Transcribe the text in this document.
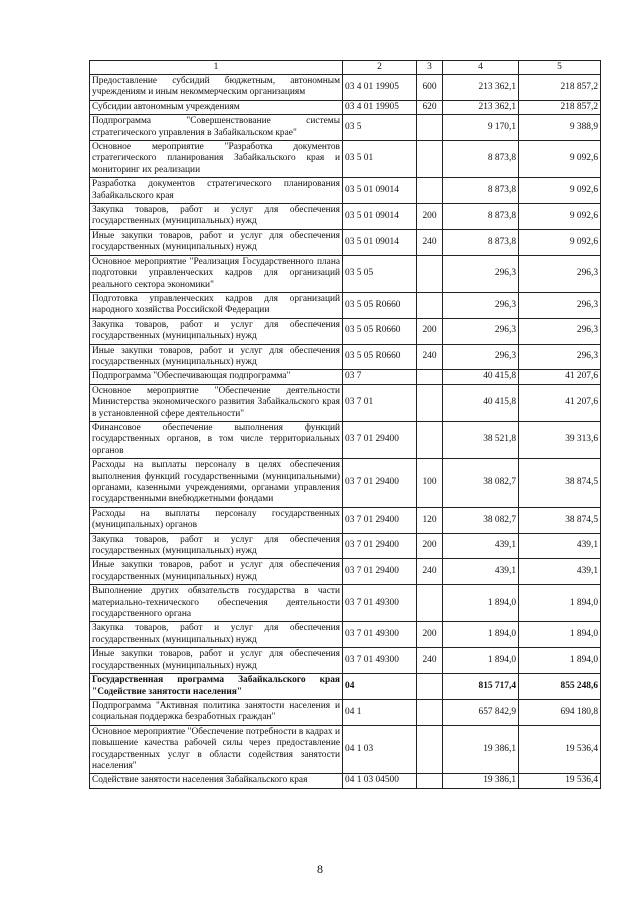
1	2	3	4	5
Предоставление субсидий бюджетным, автономным учреждениям и иным некоммерческим организациям	03 4 01 19905	600	213 362,1	218 857,2
Субсидии автономным учреждениям	03 4 01 19905	620	213 362,1	218 857,2
Подпрограмма "Совершенствование системы стратегического управления в Забайкальском крае"	03 5		9 170,1	9 388,9
Основное мероприятие "Разработка документов стратегического планирования Забайкальского края и мониторинг их реализации	03 5 01		8 873,8	9 092,6
Разработка документов стратегического планирования Забайкальского края	03 5 01 09014		8 873,8	9 092,6
Закупка товаров, работ и услуг для обеспечения государственных (муниципальных) нужд	03 5 01 09014	200	8 873,8	9 092,6
Иные закупки товаров, работ и услуг для обеспечения государственных (муниципальных) нужд	03 5 01 09014	240	8 873,8	9 092,6
Основное мероприятие "Реализация Государственного плана подготовки управленческих кадров для организаций реального сектора экономики"	03 5 05		296,3	296,3
Подготовка управленческих кадров для организаций народного хозяйства Российской Федерации	03 5 05 R0660		296,3	296,3
Закупка товаров, работ и услуг для обеспечения государственных (муниципальных) нужд	03 5 05 R0660	200	296,3	296,3
Иные закупки товаров, работ и услуг для обеспечения государственных (муниципальных) нужд	03 5 05 R0660	240	296,3	296,3
Подпрограмма "Обеспечивающая подпрограмма"	03 7		40 415,8	41 207,6
Основное мероприятие "Обеспечение деятельности Министерства экономического развития Забайкальского края в установленной сфере деятельности"	03 7 01		40 415,8	41 207,6
Финансовое обеспечение выполнения функций государственных органов, в том числе территориальных органов	03 7 01 29400		38 521,8	39 313,6
Расходы на выплаты персоналу в целях обеспечения выполнения функций государственными (муниципальными) органами, казенными учреждениями, органами управления государственными внебюджетными фондами	03 7 01 29400	100	38 082,7	38 874,5
Расходы на выплаты персоналу государственных (муниципальных) органов	03 7 01 29400	120	38 082,7	38 874,5
Закупка товаров, работ и услуг для обеспечения государственных (муниципальных) нужд	03 7 01 29400	200	439,1	439,1
Иные закупки товаров, работ и услуг для обеспечения государственных (муниципальных) нужд	03 7 01 29400	240	439,1	439,1
Выполнение других обязательств государства в части материально-технического обеспечения деятельности государственного органа	03 7 01 49300		1 894,0	1 894,0
Закупка товаров, работ и услуг для обеспечения государственных (муниципальных) нужд	03 7 01 49300	200	1 894,0	1 894,0
Иные закупки товаров, работ и услуг для обеспечения государственных (муниципальных) нужд	03 7 01 49300	240	1 894,0	1 894,0
Государственная программа Забайкальского края "Содействие занятости населения"	04		815 717,4	855 248,6
Подпрограмма "Активная политика занятости населения и социальная поддержка безработных граждан"	04 1		657 842,9	694 180,8
Основное мероприятие "Обеспечение потребности в кадрах и повышение качества рабочей силы через предоставление государственных услуг в области содействия занятости населения"	04 1 03		19 386,1	19 536,4
Содействие занятости населения Забайкальского края	04 1 03 04500		19 386,1	19 536,4
8
